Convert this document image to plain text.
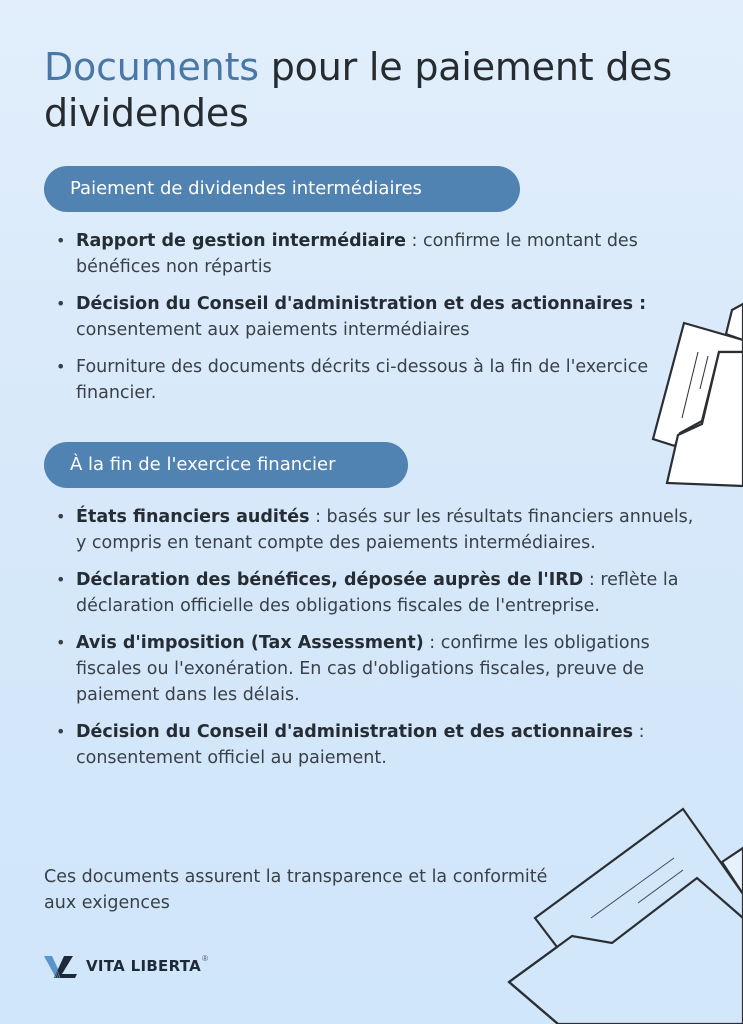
Documents pour le paiement des dividendes
Paiement de dividendes intermédiaires
• Rapport de gestion intermédiaire : confirme le montant des bénéfices non répartis
• Décision du Conseil d'administration et des actionnaires : consentement aux paiements intermédiaires
• Fourniture des documents décrits ci-dessous à la fin de l'exercice financier.
À la fin de l'exercice financier
• États financiers audités : basés sur les résultats financiers annuels, y compris en tenant compte des paiements intermédiaires.
• Déclaration des bénéfices, déposée auprès de l'IRD : reflète la déclaration officielle des obligations fiscales de l'entreprise.
• Avis d'imposition (Tax Assessment) : confirme les obligations fiscales ou l'exonération. En cas d'obligations fiscales, preuve de paiement dans les délais.
• Décision du Conseil d'administration et des actionnaires : consentement officiel au paiement.
Ces documents assurent la transparence et la conformité aux exigences
VITA LIBERTA ®
